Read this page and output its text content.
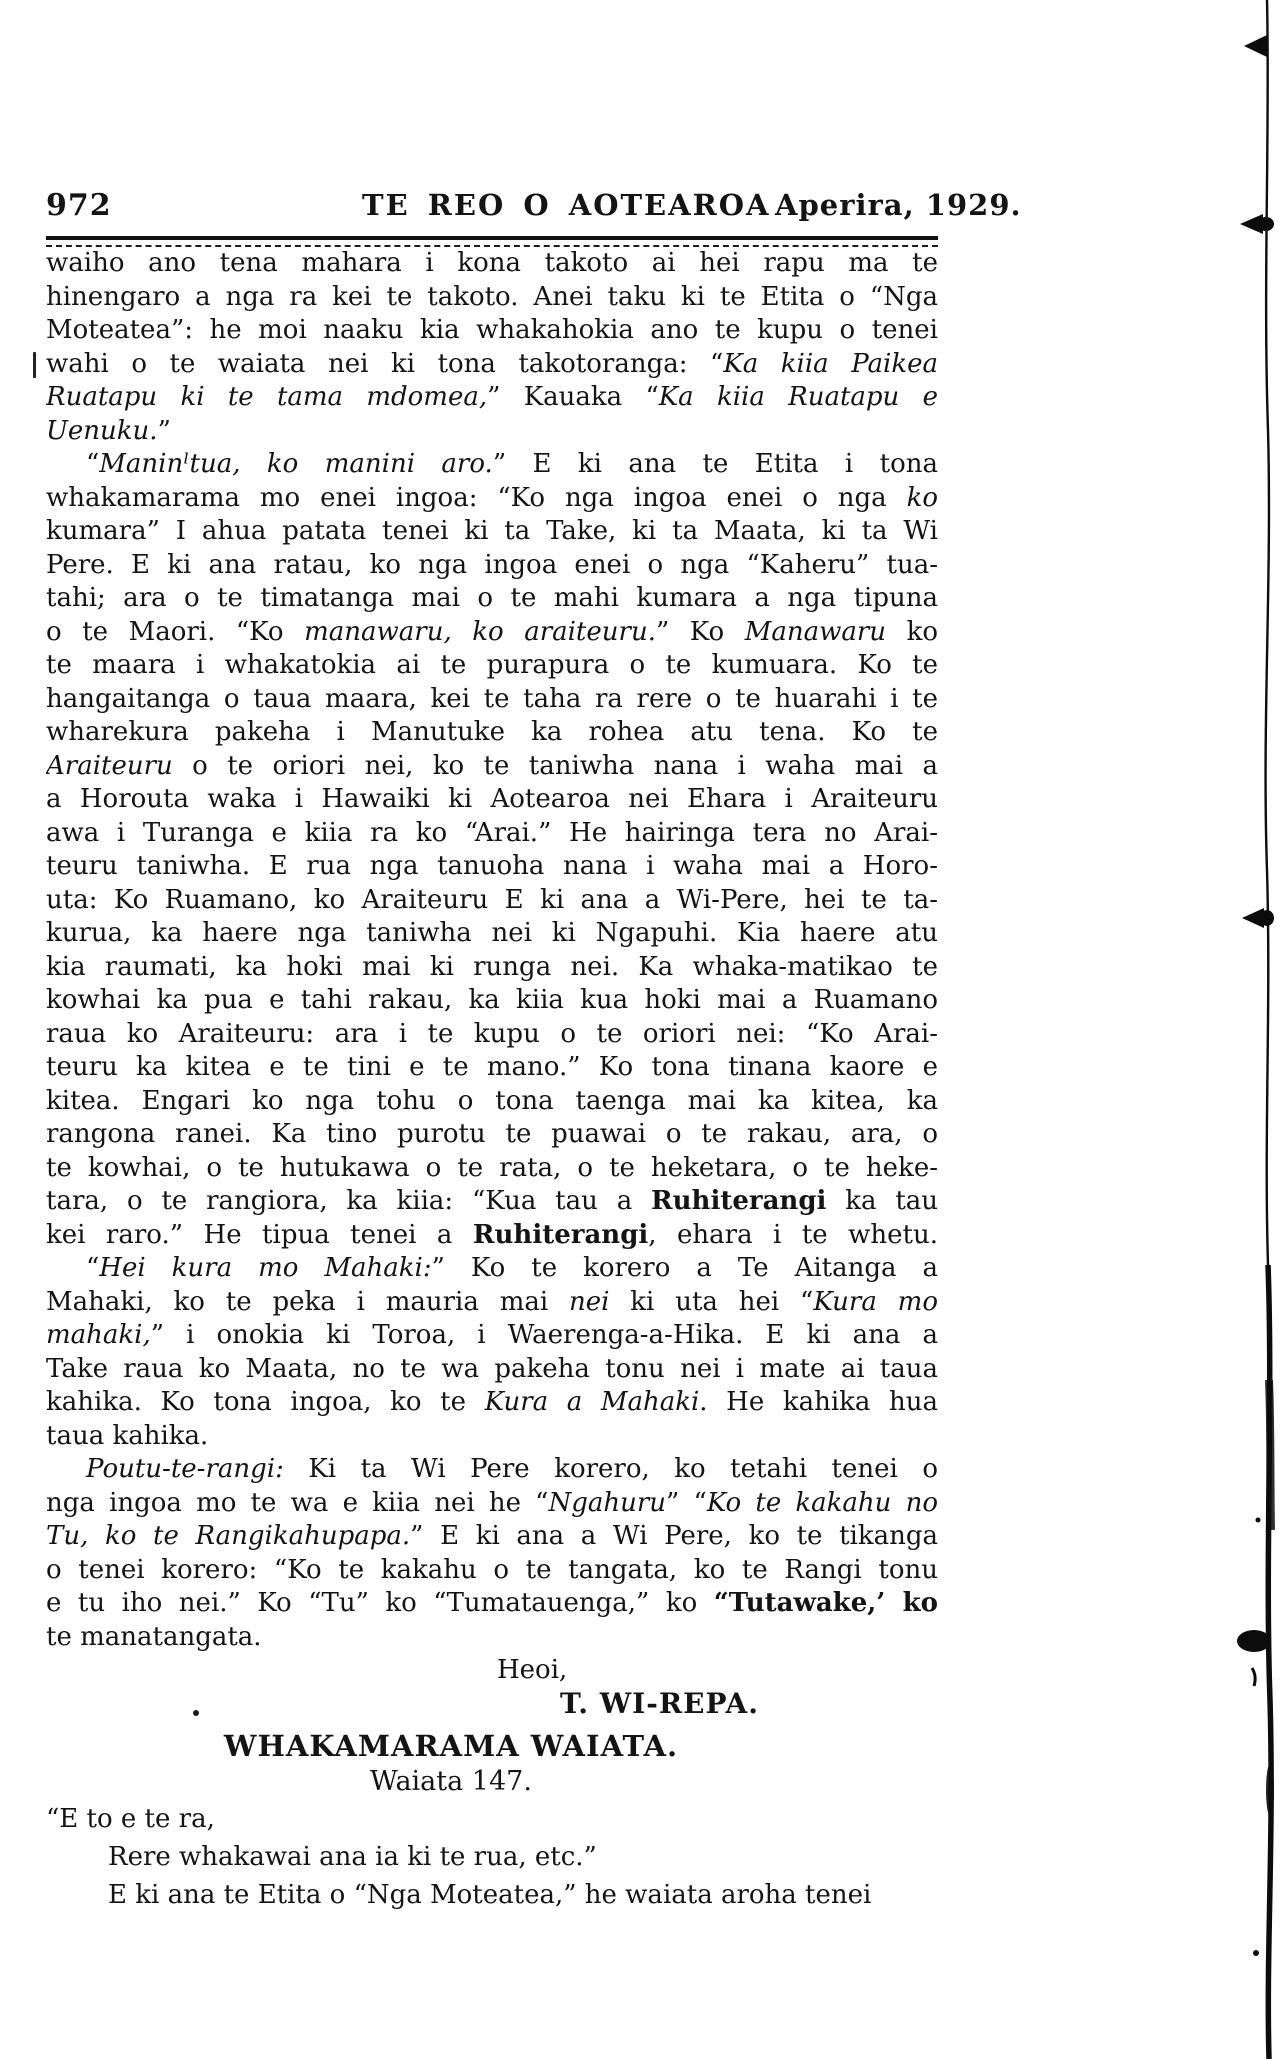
972	TE REO O AOTEAROA Aperira, 1929.
waiho ano tena mahara i kona takoto ai hei rapu ma te
hinengaro a nga ra kei te takoto. Anei taku ki te Etita o “Nga
Moteatea”: he moi naaku kia whakahokia ano te kupu o tenei
wahi o te waiata nei ki tona takotoranga: “Ka kiia Paikea
Ruatapu ki te tama mdomea,” Kauaka “Ka kiia Ruatapu e
Uenuku.”
“Maninˡtua, ko manini aro.” E ki ana te Etita i tona
whakamarama mo enei ingoa: “Ko nga ingoa enei o nga ko
kumara” I ahua patata tenei ki ta Take, ki ta Maata, ki ta Wi
Pere. E ki ana ratau, ko nga ingoa enei o nga “Kaheru” tua-
tahi; ara o te timatanga mai o te mahi kumara a nga tipuna
o te Maori. “Ko manawaru, ko araiteuru.” Ko Manawaru ko
te maara i whakatokia ai te purapura o te kumuara. Ko te
hangaitanga o taua maara, kei te taha ra rere o te huarahi i te
wharekura pakeha i Manutuke ka rohea atu tena. Ko te
Araiteuru o te oriori nei, ko te taniwha nana i waha mai a
a Horouta waka i Hawaiki ki Aotearoa nei Ehara i Araiteuru
awa i Turanga e kiia ra ko “Arai.” He hairinga tera no Arai-
teuru taniwha. E rua nga tanuoha nana i waha mai a Horo-
uta: Ko Ruamano, ko Araiteuru E ki ana a Wi-Pere, hei te ta-
kurua, ka haere nga taniwha nei ki Ngapuhi. Kia haere atu
kia raumati, ka hoki mai ki runga nei. Ka whaka-matikao te
kowhai ka pua e tahi rakau, ka kiia kua hoki mai a Ruamano
raua ko Araiteuru: ara i te kupu o te oriori nei: “Ko Arai-
teuru ka kitea e te tini e te mano.” Ko tona tinana kaore e
kitea. Engari ko nga tohu o tona taenga mai ka kitea, ka
rangona ranei. Ka tino purotu te puawai o te rakau, ara, o
te kowhai, o te hutukawa o te rata, o te heketara, o te heke-
tara, o te rangiora, ka kiia: “Kua tau a Ruhiterangi ka tau
kei raro.” He tipua tenei a Ruhiterangi, ehara i te whetu.
“Hei kura mo Mahaki:” Ko te korero a Te Aitanga a
Mahaki, ko te peka i mauria mai nei ki uta hei “Kura mo
mahaki,” i onokia ki Toroa, i Waerenga-a-Hika. E ki ana a
Take raua ko Maata, no te wa pakeha tonu nei i mate ai taua
kahika. Ko tona ingoa, ko te Kura a Mahaki. He kahika hua
taua kahika.
Poutu-te-rangi: Ki ta Wi Pere korero, ko tetahi tenei o
nga ingoa mo te wa e kiia nei he “Ngahuru” “Ko te kakahu no
Tu, ko te Rangikahupapa.” E ki ana a Wi Pere, ko te tikanga
o tenei korero: “Ko te kakahu o te tangata, ko te Rangi tonu
e tu iho nei.” Ko “Tu” ko “Tumatauenga,” ko “Tutawake,’ ko
te manatangata.
Heoi,
T. WI-REPA.
WHAKAMARAMA WAIATA.
Waiata 147.
“E to e te ra,
Rere whakawai ana ia ki te rua, etc.”
E ki ana te Etita o “Nga Moteatea,” he waiata aroha tenei
